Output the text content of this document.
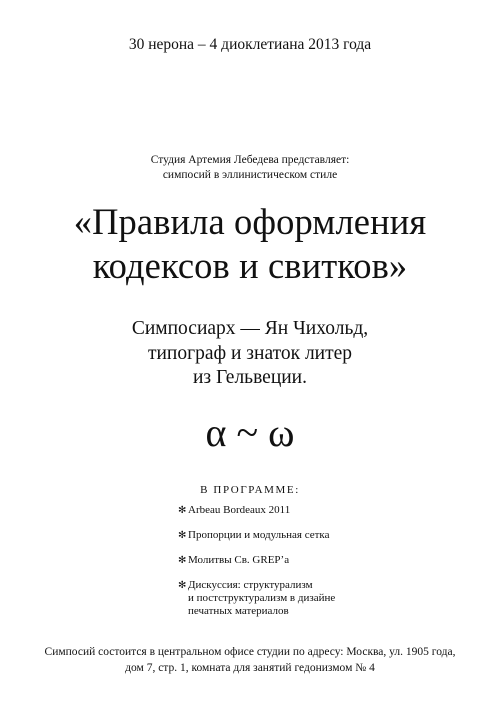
30 нерона – 4 диоклетиана 2013 года
Студия Артемия Лебедева представляет:
симпосий в эллинистическом стиле
«Правила оформления
кодексов и свитков»
Симпосиарх — Ян Чихольд,
типограф и знаток литер
из Гельвеции.
α ~ ω
В ПРОГРАММЕ:
✻ Arbeau Bordeaux 2011
✻ Пропорции и модульная сетка
✻ Молитвы Св. GREP’а
✻ Дискуссия: структурализм
и постструктурализм в дизайне
печатных материалов
Симпосий состоится в центральном офисе студии по адресу: Москва, ул. 1905 года,
дом 7, стр. 1, комната для занятий гедонизмом № 4
